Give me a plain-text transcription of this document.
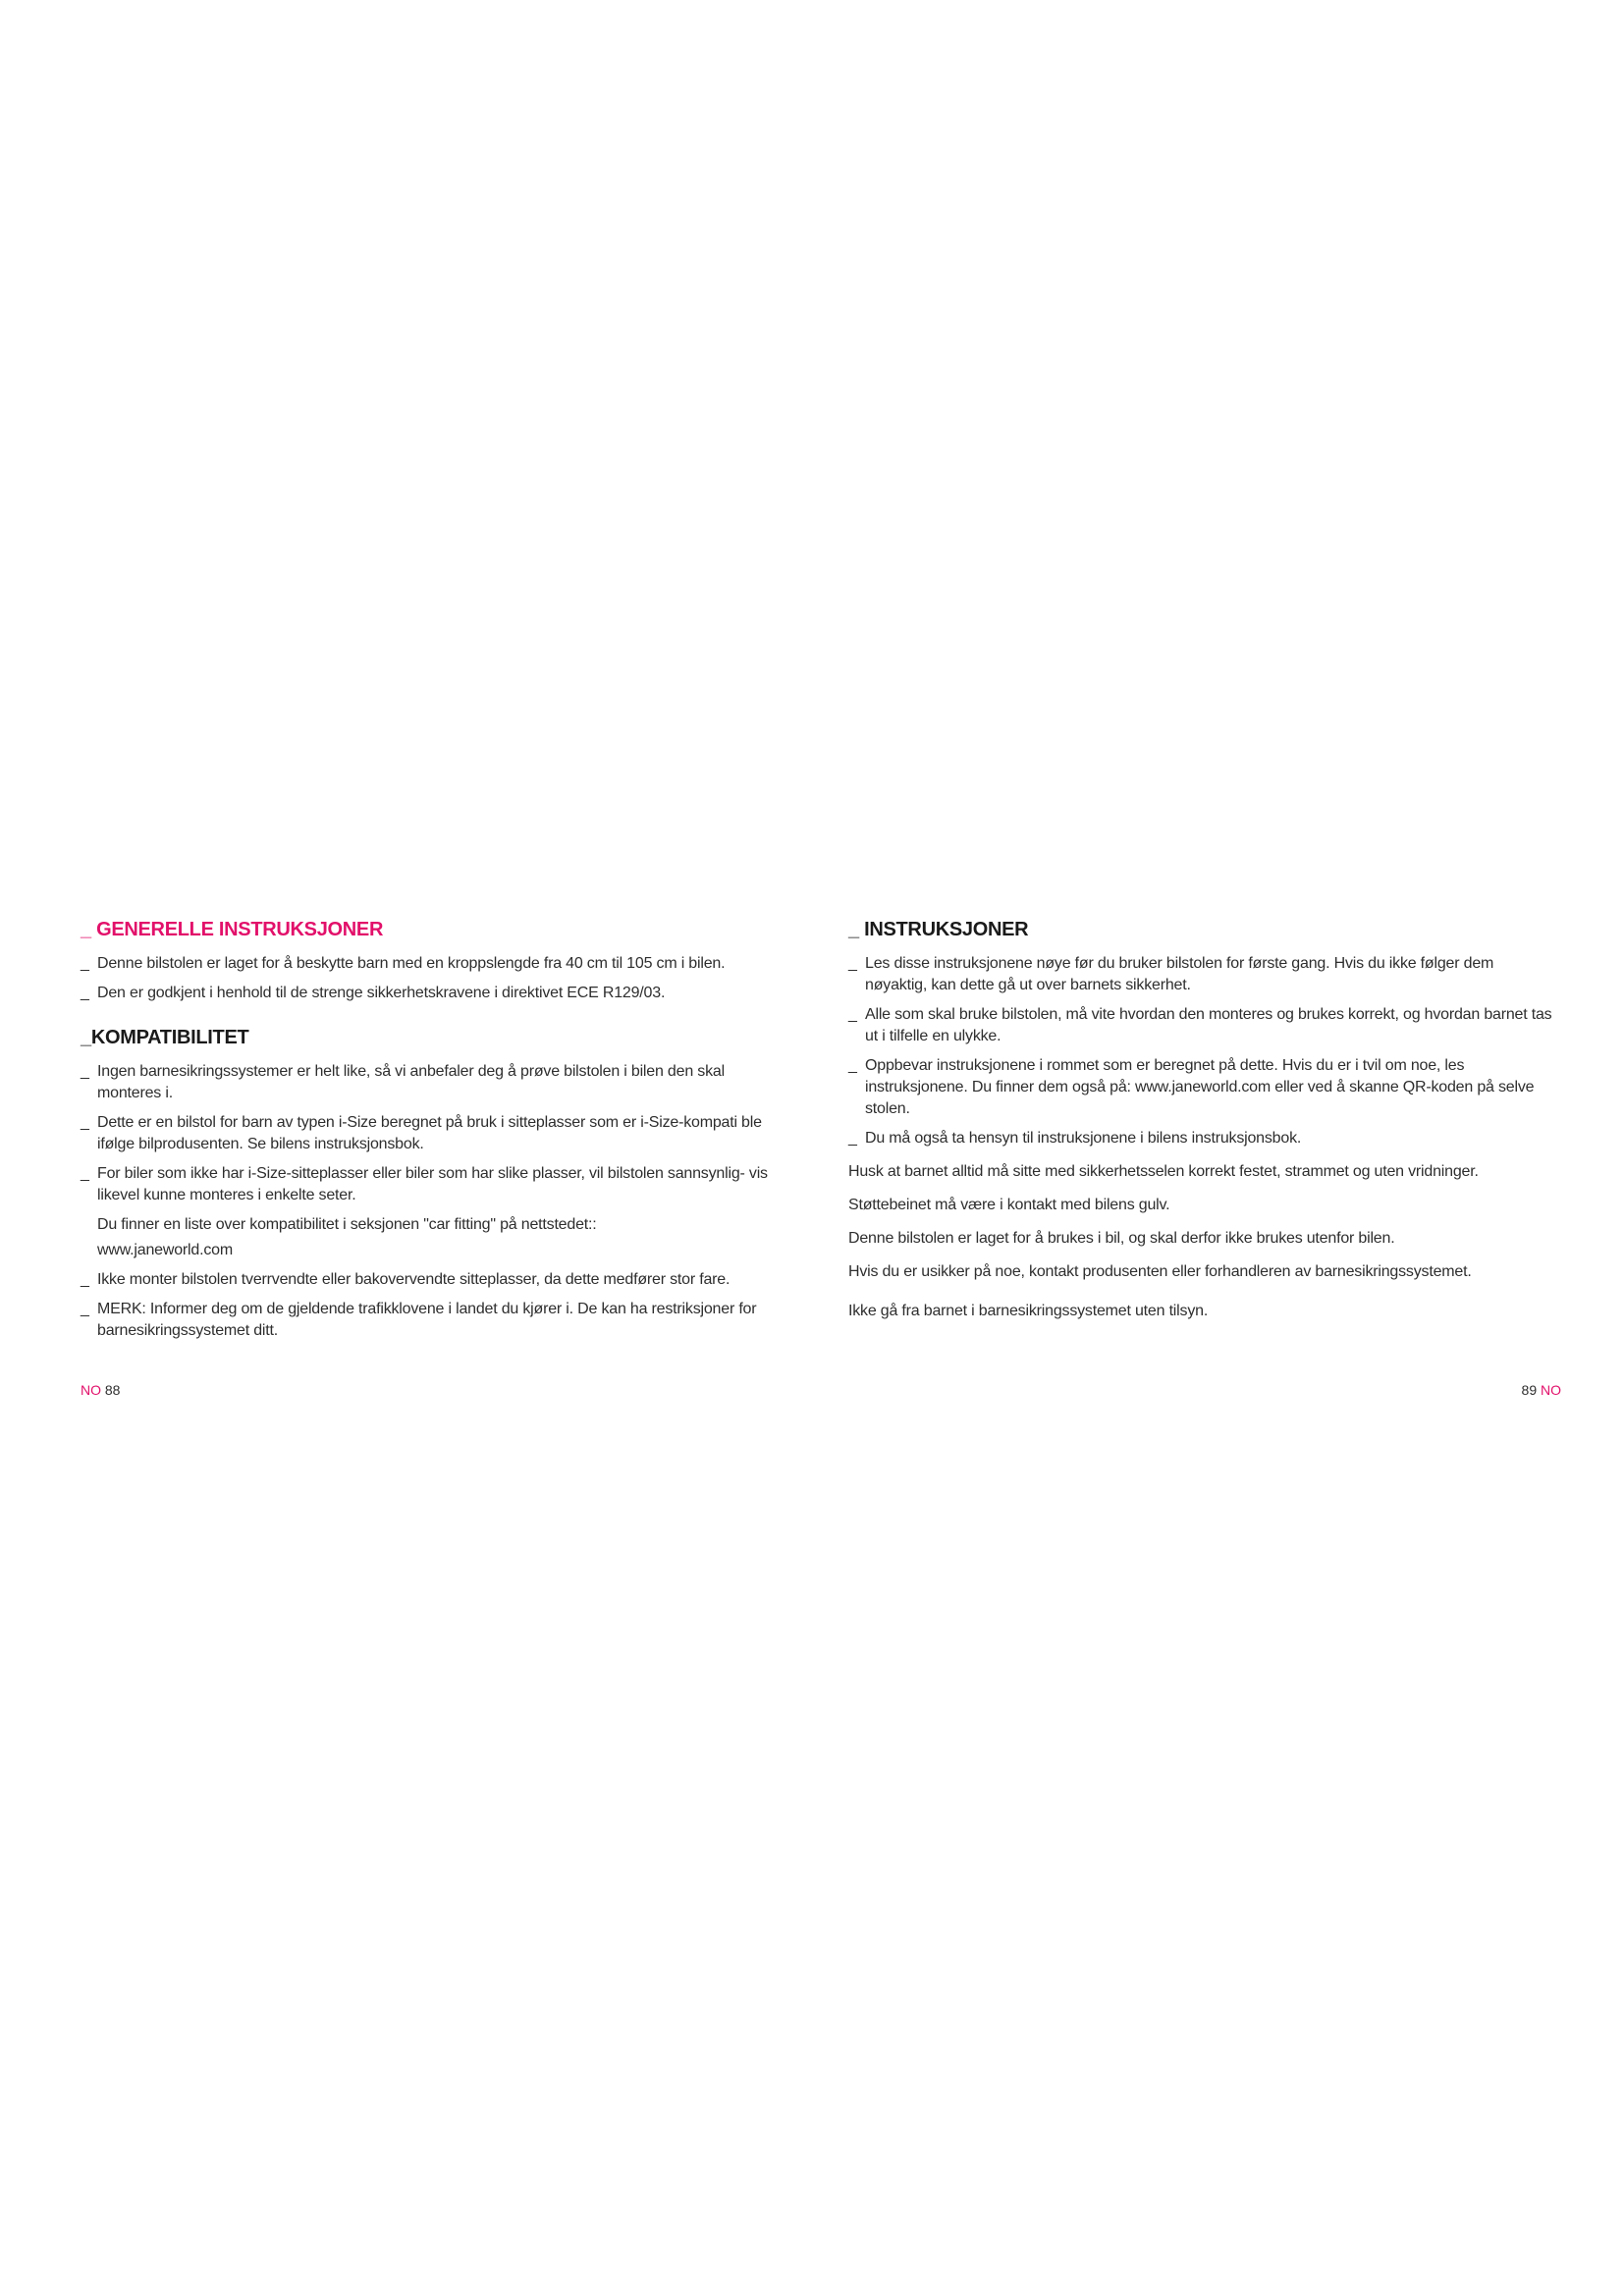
_ GENERELLE INSTRUKSJONER

_ Denne bilstolen er laget for å beskytte barn med en kroppslengde fra 40 cm til 105 cm i bilen.

_ Den er godkjent i henhold til de strenge sikkerhetskravene i direktivet ECE R129/03.

_KOMPATIBILITET

_ Ingen barnesikringssystemer er helt like, så vi anbefaler deg å prøve bilstolen i bilen den skal monteres i.

_ Dette er en bilstol for barn av typen i-Size beregnet på bruk i sitteplasser som er i-Size-kompati ble ifølge bilprodusenten. Se bilens instruksjonsbok.

_ For biler som ikke har i-Size-sitteplasser eller biler som har slike plasser, vil bilstolen sannsynlig- vis likevel kunne monteres i enkelte seter.

Du finner en liste over kompatibilitet i seksjonen "car fitting" på nettstedet::

www.janeworld.com

_ Ikke monter bilstolen tverrvendte eller bakovervendte sitteplasser, da dette medfører stor fare.

_ MERK: Informer deg om de gjeldende trafikklovene i landet du kjører i. De kan ha restriksjoner for barnesikringssystemet ditt.

NO 88
_ INSTRUKSJONER

_ Les disse instruksjonene nøye før du bruker bilstolen for første gang. Hvis du ikke følger dem nøyaktig, kan dette gå ut over barnets sikkerhet.

_ Alle som skal bruke bilstolen, må vite hvordan den monteres og brukes korrekt, og hvordan barnet tas ut i tilfelle en ulykke.

_ Oppbevar instruksjonene i rommet som er beregnet på dette. Hvis du er i tvil om noe, les instruksjonene. Du finner dem også på: www.janeworld.com eller ved å skanne QR-koden på selve stolen.

_ Du må også ta hensyn til instruksjonene i bilens instruksjonsbok.

Husk at barnet alltid må sitte med sikkerhetsselen korrekt festet, strammet og uten vridninger.

Støttebeinet må være i kontakt med bilens gulv.

Denne bilstolen er laget for å brukes i bil, og skal derfor ikke brukes utenfor bilen.

Hvis du er usikker på noe, kontakt produsenten eller forhandleren av barnesikringssystemet.

Ikke gå fra barnet i barnesikringssystemet uten tilsyn.

89 NO
